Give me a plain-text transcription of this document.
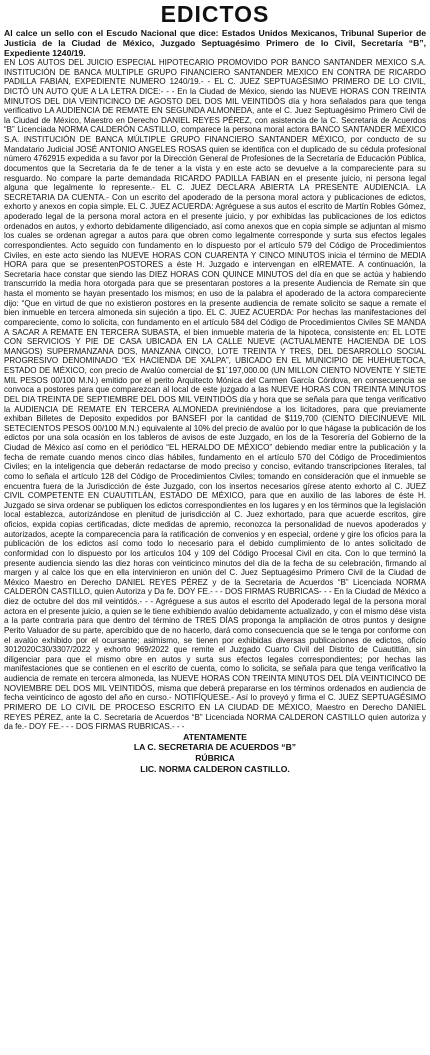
EDICTOS

Al calce un sello con el Escudo Nacional que dice: Estados Unidos Mexicanos, Tribunal Superior de Justicia de la Ciudad de México, Juzgado Septuagésimo Primero de lo Civil, Secretaría “B”, Expediente 1240/19.

EN LOS AUTOS DEL JUICIO ESPECIAL HIPOTECARIO PROMOVIDO POR BANCO SANTANDER MEXICO S.A. INSTITUCIÓN DE BANCA MULTIPLE GRUPO FINANCIERO SANTANDER MEXICO EN CONTRA DE RICARDO PADILLA FABIAN, EXPEDIENTE NUMERO 1240/19.- - EL C. JUEZ SEPTUAGÉSIMO PRIMERO DE LO CIVIL, DICTÓ UN AUTO QUE A LA LETRA DICE:- - - En la Ciudad de México, siendo las NUEVE HORAS CON TREINTA MINUTOS DEL DIA VEINTICINCO DE AGOSTO DEL DOS MIL VEINTIDÓS día y hora señalados para que tenga verificativo LA AUDIENCIA DE REMATE EN SEGUNDA ALMONEDA, ante el C. Juez Septuagésimo Primero Civil de la Ciudad de México, Maestro en Derecho DANIEL REYES PÉREZ, con asistencia de la C. Secretaria de Acuerdos “B” Licenciada NORMA CALDERÓN CASTILLO, comparece la persona moral actora BANCO SANTANDER MÉXICO S.A. INSTITUCIÓN DE BANCA MÚLTIPLE GRUPO FINANCIERO SANTANDER MÉXICO, por conducto de su Mandatario Judicial JOSÉ ANTONIO ANGELES ROSAS quien se identifica con el duplicado de su cédula profesional número 4762915 expedida a su favor por la Dirección General de Profesiones de la Secretaría de Educación Pública, documentos que la Secretaria da fe de tener a la vista y en este acto se devuelve a la compareciente para su resguardo. No compare la parte demandada RICARDO PADILLA FABIAN en el presente juicio, ni persona legal alguna que legalmente lo represente.- EL C. JUEZ DECLARA ABIERTA LA PRESENTE AUDIENCIA. LA SECRETARIA DA CUENTA.- Con un escrito del apoderado de la persona moral actora y publicaciones de edictos, exhorto y anexos en copia simple. EL C. JUEZ ACUERDA: Agréguese a sus autos el escrito de Martín Robles Gómez, apoderado legal de la persona moral actora en el presente juicio, y por exhibidas las publicaciones de los edictos ordenados en autos, y exhorto debidamente diligenciado, así como anexos que en copia simple se adjuntan al mismo los cuales se ordenan agregar a autos para que obren como legalmente corresponde y surta sus efectos legales correspondientes. Acto seguido con fundamento en lo dispuesto por el artículo 579 del Código de Procedimientos Civiles, en este acto siendo las NUEVE HORAS CON CUARENTA Y CINCO MINUTOS inicia el término de MEDIA HORA para que se presentenPOSTORES a éste H. Juzgado e intervengan en elREMATE. A continuación, la Secretaria hace constar que siendo las DIEZ HORAS CON QUINCE MINUTOS del día en que se actúa y habiendo transcurrido la media hora otorgada para que se presentaran postores a la presente Audiencia de Remate sin que hasta el momento se hayan presentado los mismos; en uso de la palabra el apoderado de la actora compareciente dijo: “Que en virtud de que no existieron postores en la presente audiencia de remate solicito se saque a remate el bien inmueble en tercera almoneda sin sujeción a tipo. EL C. JUEZ ACUERDA: Por hechas las manifestaciones del compareciente, como lo solicita, con fundamento en el artículo 584 del Código de Procedimientos Civiles SE MANDA A SACAR A REMATE EN TERCERA SUBASTA, el bien inmueble materia de la hipoteca, consistente en: EL LOTE CON SERVICIOS Y PIE DE CASA UBICADA EN LA CALLE NUEVE (ACTUALMENTE HACIENDA DE LOS MANGOS) SUPERMANZANA DOS, MANZANA CINCO, LOTE TREINTA Y TRES, DEL DESARROLLO SOCIAL PROGRESIVO DENOMINADO “EX HACIENDA DE XALPA”, UBICADO EN EL MUNICIPIO DE HUEHUETOCA, ESTADO DE MÉXICO, con precio de Avalúo comercial de $1´197,000.00 (UN MILLON CIENTO NOVENTE Y SIETE MIL PESOS 00/100 M.N.) emitido por el perito Arquitecto Mónica del Carmen García Córdova, en consecuencia se convoca a postores para que comparezcan al local de este juzgado a las NUEVE HORAS CON TREINTA MINUTOS DEL DIA TREINTA DE SEPTIEMBRE DEL DOS MIL VEINTIDÓS día y hora que se señala para que tenga verificativo la AUDIENCIA DE REMATE EN TERCERA ALMONEDA previniéndose a los licitadores, para que previamente exhiban Billetes de Deposito expedidos por BANSEFI por la cantidad de $119,700 (CIENTO DIECINUEVE MIL SETECIENTOS PESOS 00/100 M.N.) equivalente al 10% del precio de avalúo por lo que hágase la publicación de los edictos por una sola ocasión en los tableros de avisos de este Juzgado, en los de la Tesorería del Gobierno de la Ciudad de México así como en el periódico “EL HERALDO DE MÉXICO” debiendo mediar entre la publicación y la fecha de remate cuando menos cinco días hábiles, fundamento en el artículo 570 del Código de Procedimientos Civiles; en la inteligencia que deberán redactarse de modo preciso y conciso, evitando transcripciones literales, tal como lo señala el artículo 128 del Código de Procedimientos Civiles; tomando en consideración que el inmueble se encuentra fuera de la Jurisdicción de éste Juzgado, con los insertos necesarios gírese atento exhorto al C. JUEZ CIVIL COMPETENTE EN CUAUTITLÁN, ESTADO DE MÉXICO, para que en auxilio de las labores de éste H. Juzgado se sirva ordenar se publiquen los edictos correspondientes en los lugares y en los términos que la legislación local establezca, autorizándose en plenitud de jurisdicción al C. Juez exhortado, para que acuerde escritos, gire oficios, expida copias certificadas, dicte medidas de apremio, reconozca la personalidad de nuevos apoderados y autorizados, acepte la comparecencia para la ratificación de convenios y en especial, ordene y gire los oficios para la publicación de los edictos así como todo lo necesario para el debido cumplimiento de lo antes solicitado de conformidad con lo dispuesto por los artículos 104 y 109 del Código Procesal Civil en cita. Con lo que terminó la presente audiencia siendo las diez horas con veinticinco minutos del día de la fecha de su celebración, firmando al margen y al calce los que en ella intervinieron en unión del C. Juez Septuagésimo Primero Civil de la Ciudad de México Maestro en Derecho DANIEL REYES PÉREZ y de la Secretaria de Acuerdos “B” Licenciada NORMA CALDERÓN CASTILLO, quien Autoriza y Da fe. DOY FE.- - - DOS FIRMAS RUBRICAS- - - En la Ciudad de México a diez de octubre del dos mil veintidós.- - - Agréguese a sus autos el escrito del Apoderado legal de la persona moral actora en el presente juicio, a quien se le tiene exhibiendo avalúo debidamente actualizado, y con el mismo dése vista a la parte contraria para que dentro del término de TRES DÍAS proponga la ampliación de otros puntos y designe Perito Valuador de su parte, apercibido que de no hacerlo, dará como consecuencia que se le tenga por conforme con el avalúo exhibido por el ocursante; asimismo, se tienen por exhibidas diversas publicaciones de edictos, oficio 3012020C30/3307/2022 y exhorto 969/2022 que remite el Juzgado Cuarto Civil del Distrito de Cuautitlán, sin diligenciar para que el mismo obre en autos y surta sus efectos legales correspondientes; por hechas las manifestaciones que se contienen en el escrito de cuenta, como lo solicita, se señala para que tenga verificativo la audiencia de remate en tercera almoneda, las NUEVE HORAS CON TREINTA MINUTOS DEL DÍA VEINTICINCO DE NOVIEMBRE DEL DOS MIL VEINTIDÓS, misma que deberá prepararse en los términos ordenados en audiencia de fecha veinticinco de agosto del año en curso.- NOTIFÍQUESE.- Así lo proveyó y firma el C. JUEZ SEPTUAGÉSIMO PRIMERO DE LO CIVIL DE PROCESO ESCRITO EN LA CIUDAD DE MÉXICO, Maestro en Derecho DANIEL REYES PÉREZ, ante la C. Secretaria de Acuerdos “B” Licenciada NORMA CALDERON CASTILLO quien autoriza y da fe.- DOY FE.- - - DOS FIRMAS RUBRICAS.- - -

ATENTAMENTE
LA C. SECRETARIA DE ACUERDOS “B”
RÚBRICA
LIC. NORMA CALDERON CASTILLO.
